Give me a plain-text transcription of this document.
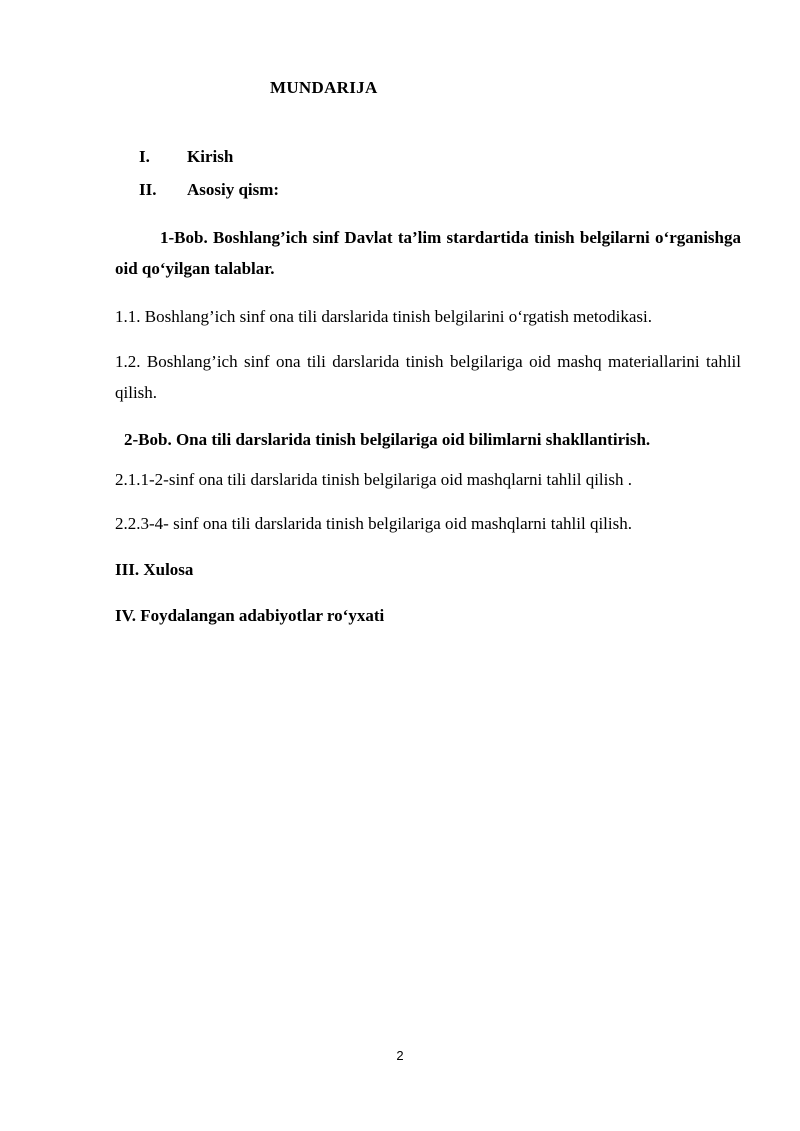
MUNDARIJA
I. Kirish
II. Asosiy qism:
1-Bob. Boshlang’ich sinf Davlat ta’lim stardartida tinish belgilarni o‘rganishga oid qo‘yilgan talablar.
1.1. Boshlang’ich sinf ona tili darslarida tinish belgilarini o‘rgatish metodikasi.
1.2. Boshlang’ich sinf ona tili darslarida tinish belgilariga oid mashq materiallarini tahlil qilish.
2-Bob. Ona tili darslarida tinish belgilariga oid bilimlarni shakllantirish.
2.1.1-2-sinf ona tili darslarida tinish belgilariga oid mashqlarni tahlil qilish .
2.2.3-4- sinf ona tili darslarida tinish belgilariga oid mashqlarni tahlil qilish.
III. Xulosa
IV. Foydalangan adabiyotlar ro‘yxati
2
